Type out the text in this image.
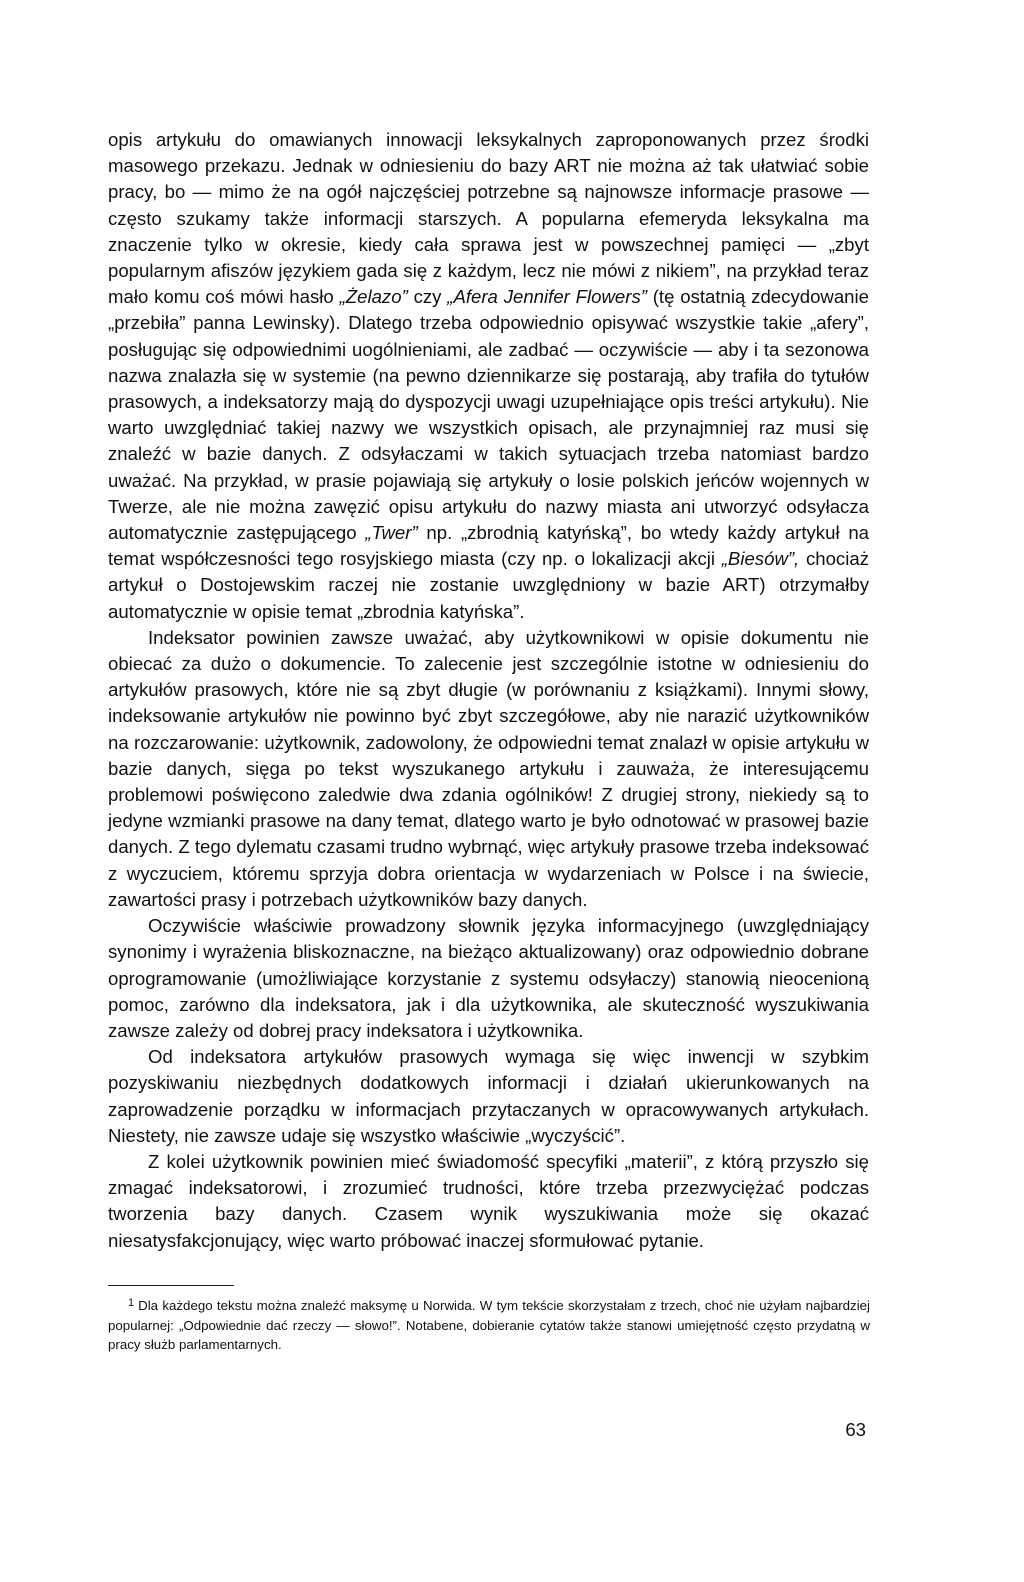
opis artykułu do omawianych innowacji leksykalnych zaproponowanych przez środki masowego przekazu. Jednak w odniesieniu do bazy ART nie można aż tak ułatwiać sobie pracy, bo — mimo że na ogół najczęściej potrzebne są najnowsze informacje prasowe — często szukamy także informacji starszych. A popularna efemeryda leksykalna ma znaczenie tylko w okresie, kiedy cała sprawa jest w powszechnej pamięci — „zbyt popularnym afiszów językiem gada się z każdym, lecz nie mówi z nikiem”, na przykład teraz mało komu coś mówi hasło „Żelazo” czy „Afera Jennifer Flowers” (tę ostatnią zdecydowanie „przebiła” panna Lewinsky). Dlatego trzeba odpowiednio opisywać wszystkie takie „afery”, posługując się odpowiednimi uogólnieniami, ale zadbać — oczywiście — aby i ta sezonowa nazwa znalazła się w systemie (na pewno dziennikarze się postarają, aby trafiła do tytułów prasowych, a indeksatorzy mają do dyspozycji uwagi uzupełniające opis treści artykułu). Nie warto uwzględniać takiej nazwy we wszystkich opisach, ale przynajmniej raz musi się znaleźć w bazie danych. Z odsyłaczami w takich sytuacjach trzeba natomiast bardzo uważać. Na przykład, w prasie pojawiają się artykuły o losie polskich jeńców wojennych w Twerze, ale nie można zawęzić opisu artykułu do nazwy miasta ani utworzyć odsyłacza automatycznie zastępującego „Twer” np. „zbrodnią katyńską”, bo wtedy każdy artykuł na temat współczesności tego rosyjskiego miasta (czy np. o lokalizacji akcji „Biesów”, chociaż artykuł o Dostojewskim raczej nie zostanie uwzględniony w bazie ART) otrzymałby automatycznie w opisie temat „zbrodnia katyńska”.

Indeksator powinien zawsze uważać, aby użytkownikowi w opisie dokumentu nie obiecać za dużo o dokumencie. To zalecenie jest szczególnie istotne w odniesieniu do artykułów prasowych, które nie są zbyt długie (w porównaniu z książkami). Innymi słowy, indeksowanie artykułów nie powinno być zbyt szczegółowe, aby nie narazić użytkowników na rozczarowanie: użytkownik, zadowolony, że odpowiedni temat znalazł w opisie artykułu w bazie danych, sięga po tekst wyszukanego artykułu i zauważa, że interesującemu problemowi poświęcono zaledwie dwa zdania ogólników! Z drugiej strony, niekiedy są to jedyne wzmianki prasowe na dany temat, dlatego warto je było odnotować w prasowej bazie danych. Z tego dylematu czasami trudno wybrnąć, więc artykuły prasowe trzeba indeksować z wyczuciem, któremu sprzyja dobra orientacja w wydarzeniach w Polsce i na świecie, zawartości prasy i potrzebach użytkowników bazy danych.

Oczywiście właściwie prowadzony słownik języka informacyjnego (uwzględniający synonimy i wyrażenia bliskoznaczne, na bieżąco aktualizowany) oraz odpowiednio dobrane oprogramowanie (umożliwiające korzystanie z systemu odsyłaczy) stanowią nieocenioną pomoc, zarówno dla indeksatora, jak i dla użytkownika, ale skuteczność wyszukiwania zawsze zależy od dobrej pracy indeksatora i użytkownika.

Od indeksatora artykułów prasowych wymaga się więc inwencji w szybkim pozyskiwaniu niezbędnych dodatkowych informacji i działań ukierunkowanych na zaprowadzenie porządku w informacjach przytaczanych w opracowywanych artykułach. Niestety, nie zawsze udaje się wszystko właściwie „wyczyścić”.

Z kolei użytkownik powinien mieć świadomość specyfiki „materii”, z którą przyszło się zmagać indeksatorowi, i zrozumieć trudności, które trzeba przezwyciężać podczas tworzenia bazy danych. Czasem wynik wyszukiwania może się okazać niesatysfakcjonujący, więc warto próbować inaczej sformułować pytanie.

$^1$ Dla każdego tekstu można znaleźć maksymę u Norwida. W tym tekście skorzystałam z trzech, choć nie użyłam najbardziej popularnej: „Odpowiednie dać rzeczy — słowo!”. Notabene, dobieranie cytatów także stanowi umiejętność często przydatną w pracy służb parlamentarnych.

63
